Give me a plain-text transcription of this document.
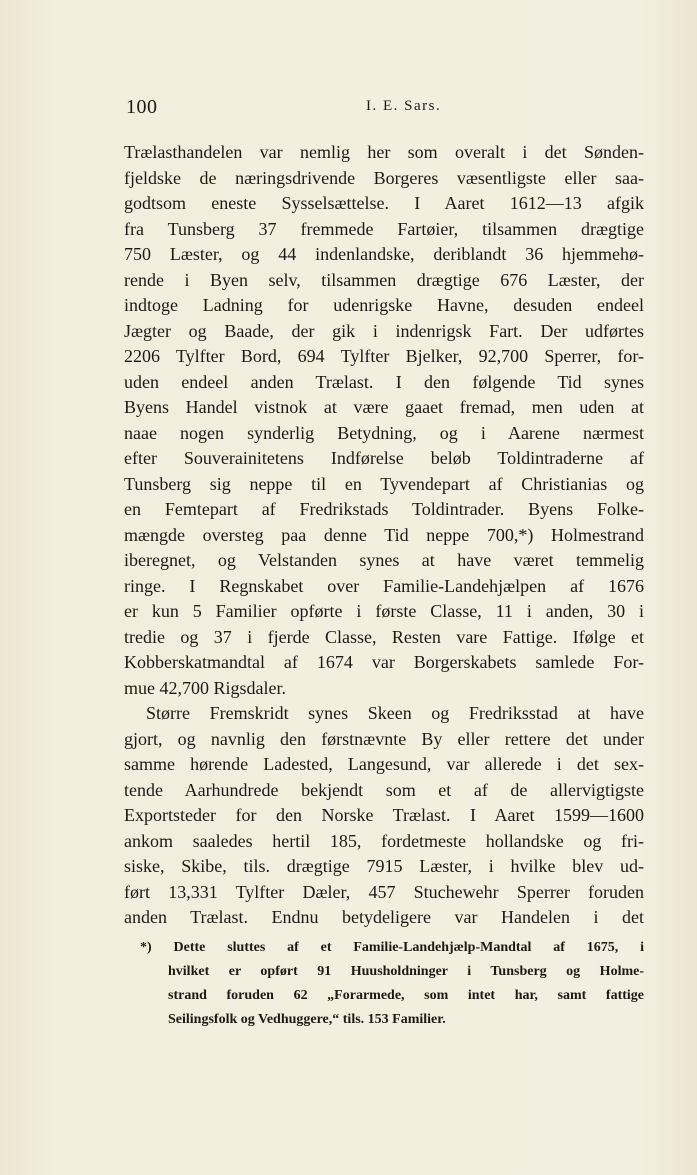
100	I. E. Sars.
Trælasthandelen var nemlig her som overalt i det Sønden-
fjeldske de næringsdrivende Borgeres væsentligste eller saa-
godtsom eneste Sysselsættelse. I Aaret 1612—13 afgik
fra Tunsberg 37 fremmede Fartøier, tilsammen drægtige
750 Læster, og 44 indenlandske, deriblandt 36 hjemmehø-
rende i Byen selv, tilsammen drægtige 676 Læster, der
indtoge Ladning for udenrigske Havne, desuden endeel
Jægter og Baade, der gik i indenrigsk Fart. Der udførtes
2206 Tylfter Bord, 694 Tylfter Bjelker, 92,700 Sperrer, for-
uden endeel anden Trælast. I den følgende Tid synes
Byens Handel vistnok at være gaaet fremad, men uden at
naae nogen synderlig Betydning, og i Aarene nærmest
efter Souverainitetens Indførelse beløb Toldintraderne af
Tunsberg sig neppe til en Tyvendepart af Christianias og
en Femtepart af Fredrikstads Toldintrader. Byens Folke-
mængde oversteg paa denne Tid neppe 700,*) Holmestrand
iberegnet, og Velstanden synes at have været temmelig
ringe. I Regnskabet over Familie-Landehjælpen af 1676
er kun 5 Familier opførte i første Classe, 11 i anden, 30 i
tredie og 37 i fjerde Classe, Resten vare Fattige. Ifølge et
Kobberskatmandtal af 1674 var Borgerskabets samlede For-
mue 42,700 Rigsdaler.
Større Fremskridt synes Skeen og Fredriksstad at have
gjort, og navnlig den førstnævnte By eller rettere det under
samme hørende Ladested, Langesund, var allerede i det sex-
tende Aarhundrede bekjendt som et af de allervigtigste
Exportsteder for den Norske Trælast. I Aaret 1599—1600
ankom saaledes hertil 185, fordetmeste hollandske og fri-
siske, Skibe, tils. drægtige 7915 Læster, i hvilke blev ud-
ført 13,331 Tylfter Dæler, 457 Stuchewehr Sperrer foruden
anden Trælast. Endnu betydeligere var Handelen i det
*) Dette sluttes af et Familie-Landehjælp-Mandtal af 1675, i
hvilket er opført 91 Huusholdninger i Tunsberg og Holme-
strand foruden 62 „Forarmede, som intet har, samt fattige
Seilingsfolk og Vedhuggere,“ tils. 153 Familier.
